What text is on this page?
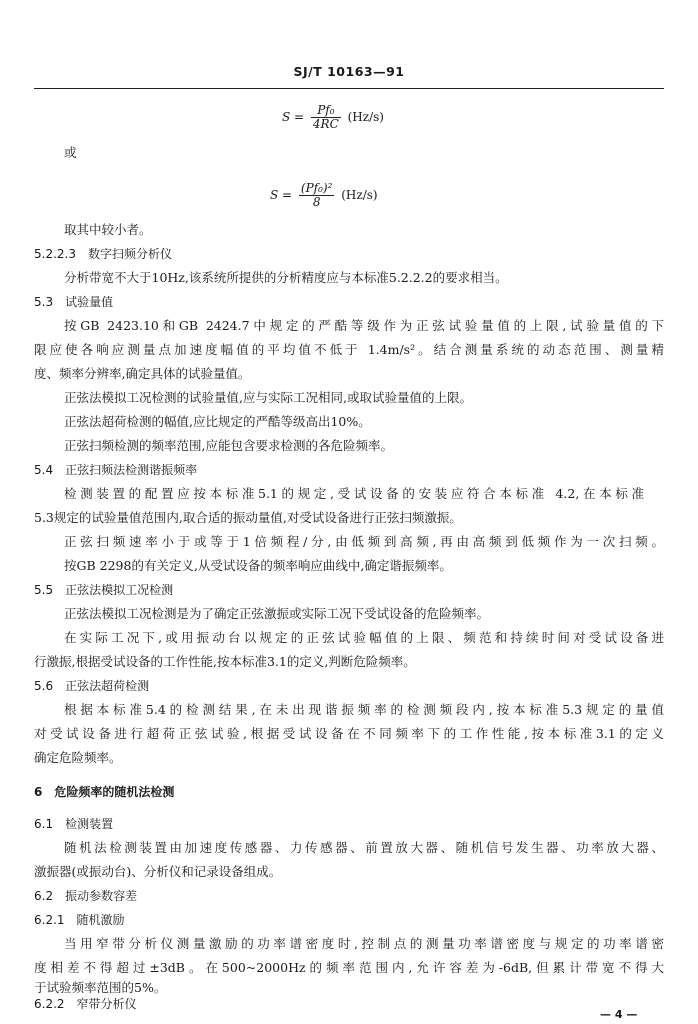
SJ/T 10163—91
$S = \frac{\text{Pf₀}}{4RC} (Hz/s)$
或
$S = \frac{\text{(Pf₀)²}}{8} (Hz/s)$
取其中较小者。
5.2.2.3　数字扫频分析仪
分析带宽不大于10Hz,该系统所提供的分析精度应与本标准5.2.2.2的要求相当。
5.3　试验量值
按GB 2423.10和GB 2424.7中规定的严酷等级作为正弦试验量值的上限,试验量值的下
限应使各响应测量点加速度幅值的平均值不低于 1.4m/s²。结合测量系统的动态范围、测量精
度、频率分辨率,确定具体的试验量值。
正弦法模拟工况检测的试验量值,应与实际工况相同,或取试验量值的上限。
正弦法超荷检测的幅值,应比规定的严酷等级高出10%。
正弦扫频检测的频率范围,应能包含要求检测的各危险频率。
5.4　正弦扫频法检测谐振频率
检测装置的配置应按本标准5.1的规定,受试设备的安装应符合本标准 4.2,在本标准
5.3规定的试验量值范围内,取合适的振动量值,对受试设备进行正弦扫频激振。
正弦扫频速率小于或等于1倍频程/分,由低频到高频,再由高频到低频作为一次扫频。
按GB 2298的有关定义,从受试设备的频率响应曲线中,确定谐振频率。
5.5　正弦法模拟工况检测
正弦法模拟工况检测是为了确定正弦激振或实际工况下受试设备的危险频率。
在实际工况下,或用振动台以规定的正弦试验幅值的上限、频范和持续时间对受试设备进
行激振,根据受试设备的工作性能,按本标准3.1的定义,判断危险频率。
5.6　正弦法超荷检测
根据本标准5.4的检测结果,在未出现谐振频率的检测频段内,按本标准5.3规定的量值
对受试设备进行超荷正弦试验,根据受试设备在不同频率下的工作性能,按本标准3.1的定义
确定危险频率。
6　危险频率的随机法检测
6.1　检测装置
随机法检测装置由加速度传感器、力传感器、前置放大器、随机信号发生器、功率放大器、
激振器(或振动台)、分析仪和记录设备组成。
6.2　振动参数容差
6.2.1　随机激励
当用窄带分析仪测量激励的功率谱密度时,控制点的测量功率谱密度与规定的功率谱密
度相差不得超过±3dB。在500~2000Hz的频率范围内,允许容差为-6dB,但累计带宽不得大
于试验频率范围的5%。
6.2.2　窄带分析仪
— 4 —
